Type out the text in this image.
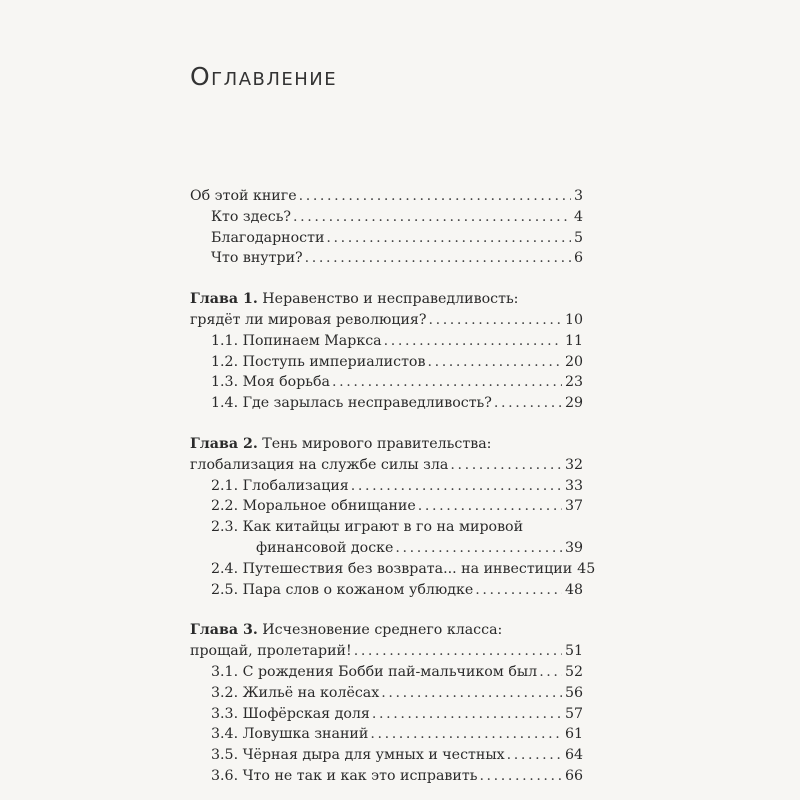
Оглавление
Об этой книге .....	3
Кто здесь? .....	4
Благодарности .....	5
Что внутри? .....	6
Глава 1. Неравенство и несправедливость:
грядёт ли мировая революция? .....	10
1.1. Попинаем Маркса .....	11
1.2. Поступь империалистов .....	20
1.3. Моя борьба .....	23
1.4. Где зарылась несправедливость? .....	29
Глава 2. Тень мирового правительства:
глобализация на службе силы зла .....	32
2.1. Глобализация .....	33
2.2. Моральное обнищание .....	37
2.3. Как китайцы играют в го на мировой
финансовой доске .....	39
2.4. Путешествия без возврата... на инвестиции 45
2.5. Пара слов о кожаном ублюдке .....	48
Глава 3. Исчезновение среднего класса:
прощай, пролетарий! .....	51
3.1. С рождения Бобби пай-мальчиком был ..... 52
3.2. Жильё на колёсах .....	56
3.3. Шофёрская доля .....	57
3.4. Ловушка знаний .....	61
3.5. Чёрная дыра для умных и честных .....	64
3.6. Что не так и как это исправить .....	66
